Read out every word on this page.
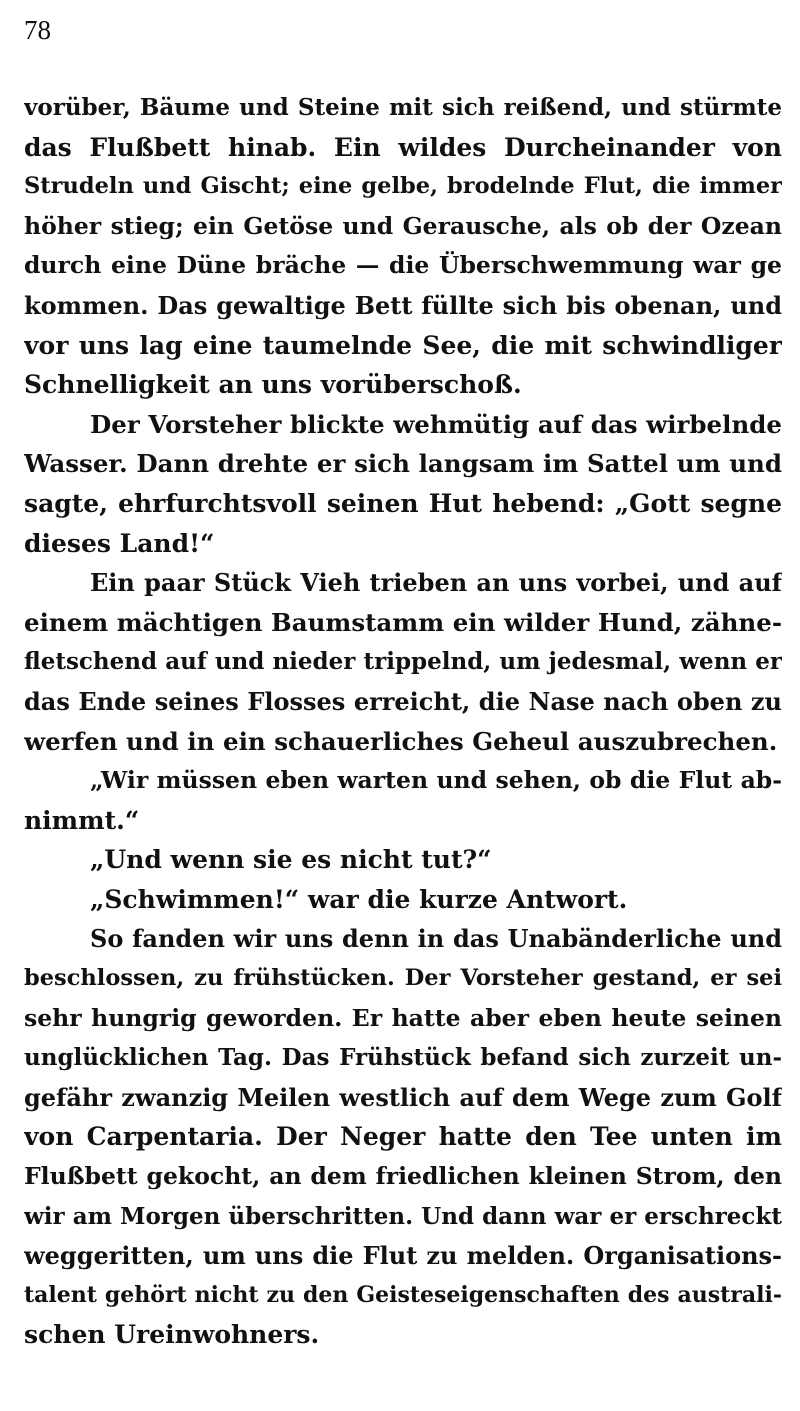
78
vorüber, Bäume und Steine mit sich reißend, und stürmte
das Flußbett hinab. Ein wildes Durcheinander von
Strudeln und Gischt; eine gelbe, brodelnde Flut, die immer
höher stieg; ein Getöse und Gerausche, als ob der Ozean
durch eine Düne bräche — die Überschwemmung war ge
kommen. Das gewaltige Bett füllte sich bis obenan, und
vor uns lag eine taumelnde See, die mit schwindliger
Schnelligkeit an uns vorüberschoß.
Der Vorsteher blickte wehmütig auf das wirbelnde
Wasser. Dann drehte er sich langsam im Sattel um und
sagte, ehrfurchtsvoll seinen Hut hebend: „Gott segne
dieses Land!“
Ein paar Stück Vieh trieben an uns vorbei, und auf
einem mächtigen Baumstamm ein wilder Hund, zähne-
fletschend auf und nieder trippelnd, um jedesmal, wenn er
das Ende seines Flosses erreicht, die Nase nach oben zu
werfen und in ein schauerliches Geheul auszubrechen.
„Wir müssen eben warten und sehen, ob die Flut ab-
nimmt.“
„Und wenn sie es nicht tut?“
„Schwimmen!“ war die kurze Antwort.
So fanden wir uns denn in das Unabänderliche und
beschlossen, zu frühstücken. Der Vorsteher gestand, er sei
sehr hungrig geworden. Er hatte aber eben heute seinen
unglücklichen Tag. Das Frühstück befand sich zurzeit un-
gefähr zwanzig Meilen westlich auf dem Wege zum Golf
von Carpentaria. Der Neger hatte den Tee unten im
Flußbett gekocht, an dem friedlichen kleinen Strom, den
wir am Morgen überschritten. Und dann war er erschreckt
weggeritten, um uns die Flut zu melden. Organisations-
talent gehört nicht zu den Geisteseigenschaften des australi-
schen Ureinwohners.
